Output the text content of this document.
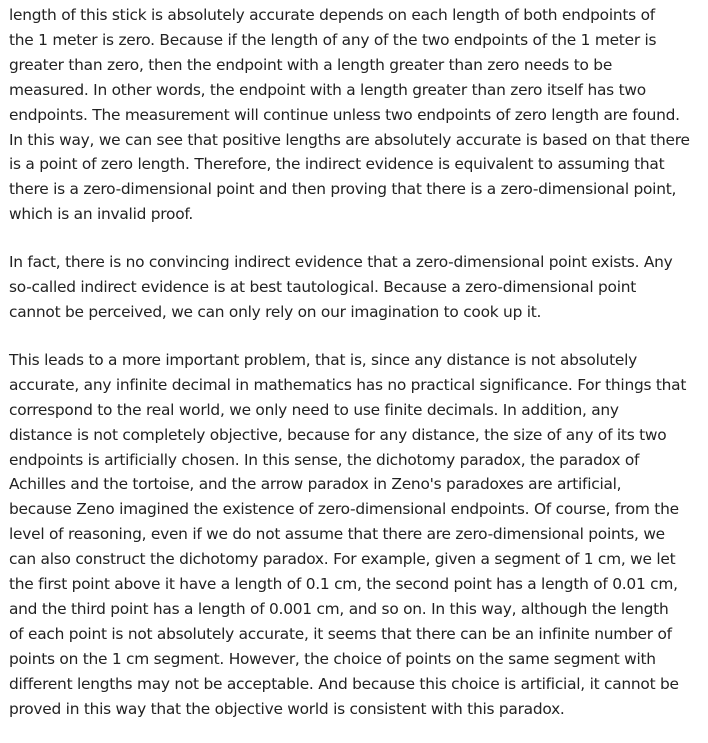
length of this stick is absolutely accurate depends on each length of both endpoints of
the 1 meter is zero. Because if the length of any of the two endpoints of the 1 meter is
greater than zero, then the endpoint with a length greater than zero needs to be
measured. In other words, the endpoint with a length greater than zero itself has two
endpoints. The measurement will continue unless two endpoints of zero length are found.
In this way, we can see that positive lengths are absolutely accurate is based on that there
is a point of zero length. Therefore, the indirect evidence is equivalent to assuming that
there is a zero-dimensional point and then proving that there is a zero-dimensional point,
which is an invalid proof.
In fact, there is no convincing indirect evidence that a zero-dimensional point exists. Any
so-called indirect evidence is at best tautological. Because a zero-dimensional point
cannot be perceived, we can only rely on our imagination to cook up it.
This leads to a more important problem, that is, since any distance is not absolutely
accurate, any infinite decimal in mathematics has no practical significance. For things that
correspond to the real world, we only need to use finite decimals. In addition, any
distance is not completely objective, because for any distance, the size of any of its two
endpoints is artificially chosen. In this sense, the dichotomy paradox, the paradox of
Achilles and the tortoise, and the arrow paradox in Zeno's paradoxes are artificial,
because Zeno imagined the existence of zero-dimensional endpoints. Of course, from the
level of reasoning, even if we do not assume that there are zero-dimensional points, we
can also construct the dichotomy paradox. For example, given a segment of 1 cm, we let
the first point above it have a length of 0.1 cm, the second point has a length of 0.01 cm,
and the third point has a length of 0.001 cm, and so on. In this way, although the length
of each point is not absolutely accurate, it seems that there can be an infinite number of
points on the 1 cm segment. However, the choice of points on the same segment with
different lengths may not be acceptable. And because this choice is artificial, it cannot be
proved in this way that the objective world is consistent with this paradox.
